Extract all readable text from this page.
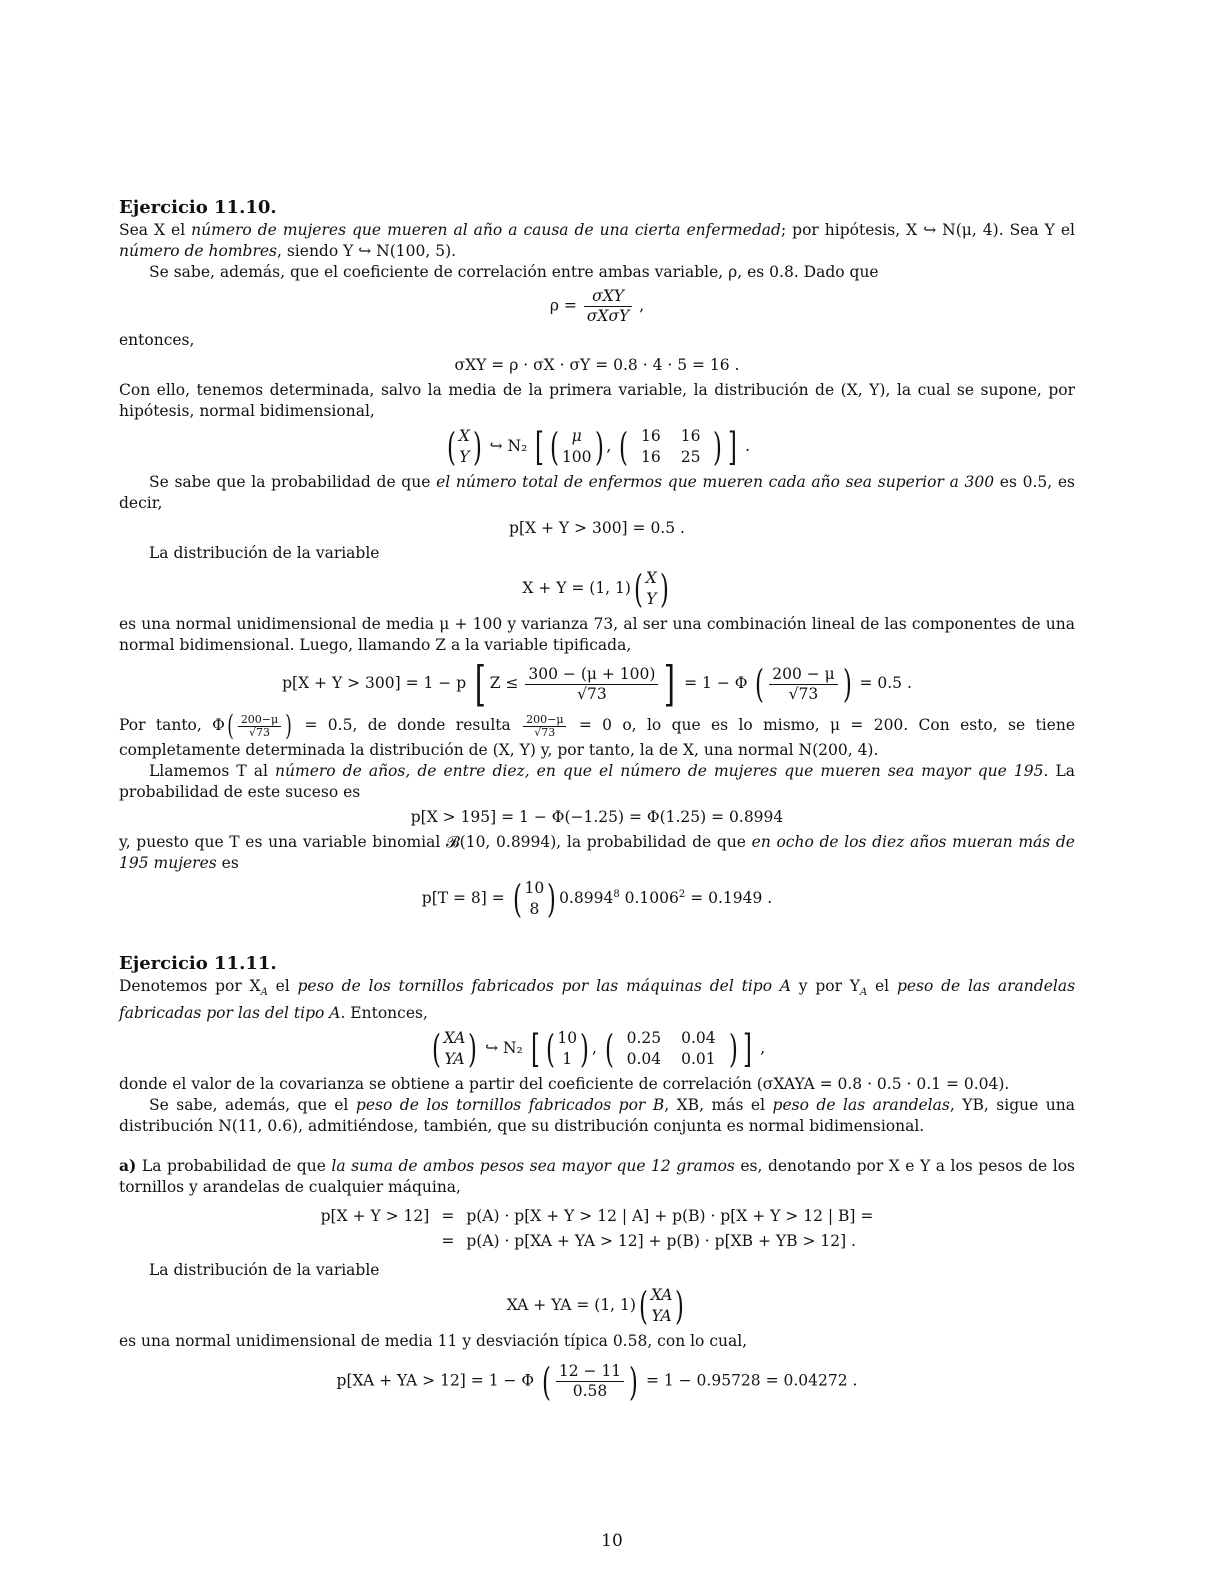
Ejercicio 11.10.

Sea X el número de mujeres que mueren al año a causa de una cierta enfermedad; por hipótesis, X ↪ N(μ, 4). Sea Y el número de hombres, siendo Y ↪ N(100, 5).

Se sabe, además, que el coeficiente de correlación entre ambas variable, ρ, es 0.8. Dado que

$\rho = \frac{\text{σXY}}{\text{σXσY}}$ ,

entonces,

σXY = ρ · σX · σY = 0.8 · 4 · 5 = 16 .

Con ello, tenemos determinada, salvo la media de la primera variable, la distribución de (X, Y), la cual se supone, por hipótesis, normal bidimensional,

( X
Y ) ↪ N₂ [ ( μ
100 ) , ( 16	16
16	25 ) ] .

Se sabe que la probabilidad de que el número total de enfermos que mueren cada año sea superior a 300 es 0.5, es decir,

p[X + Y > 300] = 0.5 .

La distribución de la variable

X + Y = (1, 1)( X
Y )

es una normal unidimensional de media μ + 100 y varianza 73, al ser una combinación lineal de las componentes de una normal bidimensional. Luego, llamando Z a la variable tipificada,

p[X + Y > 300] = 1 − p [ $Z \le \frac{300 - (\mu + 100)}{√73}$ ] = 1 − Φ ( $\frac{200 - \mu}{√73}$ ) = 0.5 .

Por tanto, $\Phi( \frac{200-\mu}{√73}$ ) = 0.5, de donde resulta $\frac{200-\mu}{√73} = 0$ o, lo que es lo mismo, μ = 200. Con esto, se tiene completamente determinada la distribución de (X, Y) y, por tanto, la de X, una normal N(200, 4).

Llamemos T al número de años, de entre diez, en que el número de mujeres que mueren sea mayor que 195. La probabilidad de este suceso es

p[X > 195] = 1 − Φ(−1.25) = Φ(1.25) = 0.8994

y, puesto que T es una variable binomial 𝓑(10, 0.8994), la probabilidad de que en ocho de los diez años mueran más de 195 mujeres es

p[T = 8] = ( 10
8 ) 0.8994$^8$ $0.1006^2 = 0.1949$ .

Ejercicio 11.11.

Denotemos por $X_A$ el peso de los tornillos fabricados por las máquinas del tipo A y por $Y_A$ el peso de las arandelas fabricadas por las del tipo A. Entonces,

( XA
YA ) ↪ N₂ [ ( 10
1 ) , ( 0.25	0.04
0.04	0.01 ) ] ,

donde el valor de la covarianza se obtiene a partir del coeficiente de correlación (σXAYA = 0.8 · 0.5 · 0.1 = 0.04).

Se sabe, además, que el peso de los tornillos fabricados por B, XB, más el peso de las arandelas, YB, sigue una distribución N(11, 0.6), admitiéndose, también, que su distribución conjunta es normal bidimensional.

a) La probabilidad de que la suma de ambos pesos sea mayor que 12 gramos es, denotando por X e Y a los pesos de los tornillos y arandelas de cualquier máquina,

p[X + Y > 12]	=	p(A) · p[X + Y > 12 | A] + p(B) · p[X + Y > 12 | B] =
	=	p(A) · p[XA + YA > 12] + p(B) · p[XB + YB > 12] .

La distribución de la variable

XA + YA = (1, 1)( XA
YA )

es una normal unidimensional de media 11 y desviación típica 0.58, con lo cual,

p[XA + YA > 12] = 1 − Φ ( $\frac{12 - 11}{0.58}$ ) = 1 − 0.95728 = 0.04272 .
10
